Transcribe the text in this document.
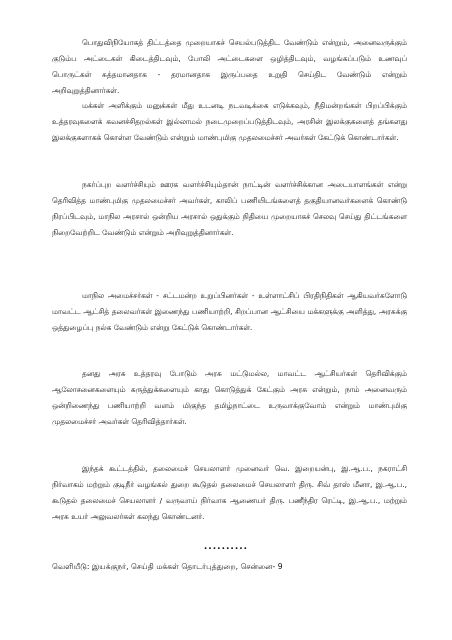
பொதுவிநியோகத் திட்டத்தை முறையாகச் செயல்படுத்திட வேண்டும் என்றும், அனைவருக்கும் குடும்ப அட்டைகள் கிடைத்திடவும், போலி அட்டைகளை ஒழித்திடவும், வழங்கப்படும் உணவுப் பொருட்கள் சுத்தமானதாக - தரமானதாக இருப்பதை உறுதி செய்திட வேண்டும் என்றும் அறிவுறுத்தினார்கள்.

மக்கள் அளிக்கும் மனுக்கள் மீது உடனடி நடவடிக்கை எடுக்கவும், நீதிமன்றங்கள் பிறப்பிக்கும் உத்தரவுகளைக் கவனச்சிதறல்கள் இல்லாமல் நடைமுறைப்படுத்திடவும், அரசின் இலக்குகளைத் தங்களது இலக்குகளாகக் கொள்ள வேண்டும் என்றும் மாண்புமிகு முதலமைச்சர் அவர்கள் கேட்டுக் கொண்டார்கள்.

நகர்ப்புற வளர்ச்சியும் ஊரக வளர்ச்சியும்தான் நாட்டின் வளர்ச்சிக்கான அடையாளங்கள் என்று தெரிவித்த மாண்புமிகு முதலமைச்சர் அவர்கள், காலிப் பணியிடங்களைத் தகுதியானவர்களைக் கொண்டு நிரப்பிடவும், மாநில அரசால் ஒன்றிய அரசால் ஒதுக்கும் நிதியை முறையாகச் செலவு செய்து திட்டங்களை நிறைவேற்றிட வேண்டும் என்றும் அறிவுறுத்தினார்கள்.

மாநில அமைச்சர்கள் - சட்டமன்ற உறுப்பினர்கள் - உள்ளாட்சிப் பிரதிநிதிகள் ஆகியவர்களோடு மாவட்ட ஆட்சித் தலைவர்கள் இணைந்து பணியாற்றி, சிறப்பான ஆட்சியை மக்களுக்கு அளித்து, அரசுக்கு ஒத்துழைப்பு நல்க வேண்டும் என்று கேட்டுக் கொண்டார்கள்.

தனது அரசு உத்தரவு போடும் அரசு மட்டுமல்ல, மாவட்ட ஆட்சியர்கள் தெரிவிக்கும் ஆலோசனைகளையும் கருத்துக்களையும் காது கொடுத்துக் கேட்கும் அரசு என்றும், நாம் அனைவரும் ஒன்றிணைந்து பணியாற்றி வளம் மிகுந்த தமிழ்நாட்டை உருவாக்குவோம் என்றும் மாண்புமிகு முதலமைச்சர் அவர்கள் தெரிவித்தார்கள்.

இந்தக் கூட்டத்தில், தலைமைச் செயலாளர் முனைவர் வெ. இறையன்பு, இ.ஆ.ப., நகராட்சி நிர்வாகம் மற்றும் குடிநீர் வழங்கல் துறை கூடுதல் தலைமைச் செயலாளர் திரு. சிவ் தாஸ் மீனா, இ.ஆ.ப., கூடுதல் தலைமைச் செயலாளர் / வருவாய் நிர்வாக ஆணையர் திரு. பணீந்திர ரெட்டி, இ.ஆ.ப., மற்றும் அரசு உயர் அலுவலர்கள் கலந்து கொண்டனர்.

..........
வெளியீடு: இயக்குநர், செய்தி மக்கள் தொடர்புத்துறை, சென்னை- 9
